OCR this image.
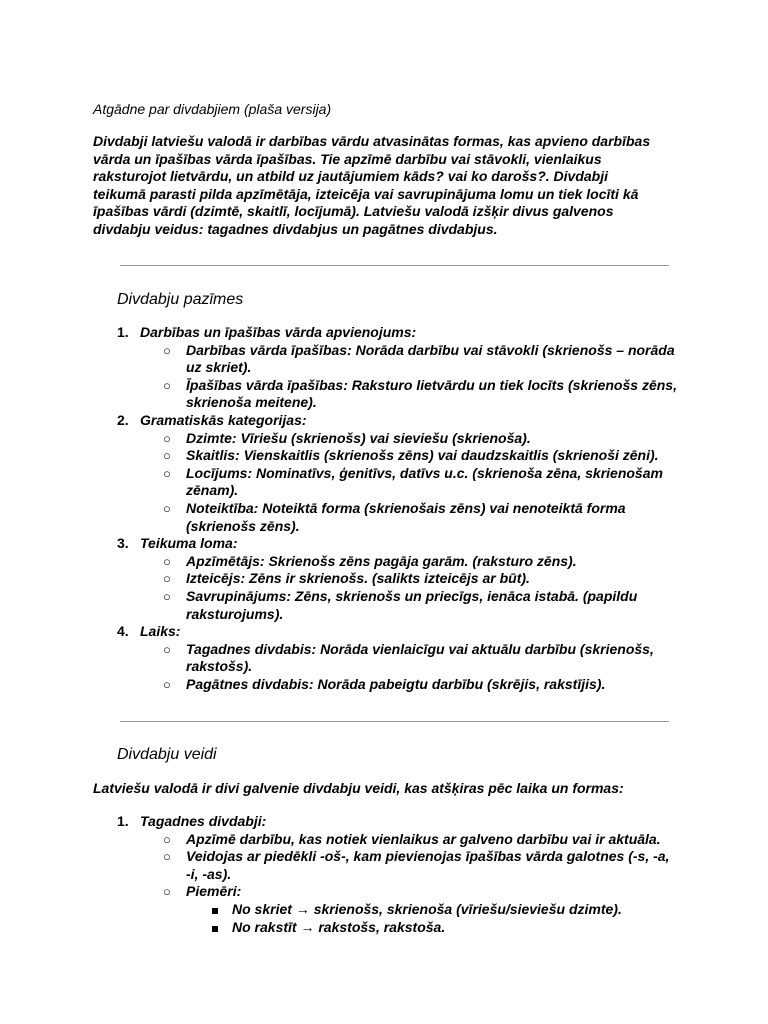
Atgādne par divdabjiem (plaša versija)
Divdabji latviešu valodā ir darbības vārdu atvasinātas formas, kas apvieno darbības vārda un īpašības vārda īpašības. Tie apzīmē darbību vai stāvokli, vienlaikus raksturojot lietvārdu, un atbild uz jautājumiem kāds? vai ko darošs?. Divdabji teikumā parasti pilda apzīmētāja, izteicēja vai savrupinājuma lomu un tiek locīti kā īpašības vārdi (dzimtē, skaitlī, locījumā). Latviešu valodā izšķir divus galvenos divdabju veidus: tagadnes divdabjus un pagātnes divdabjus.
Divdabju pazīmes
1. Darbības un īpašības vārda apvienojums:
○ Darbības vārda īpašības: Norāda darbību vai stāvokli (skrienošs – norāda uz skriet).
○ Īpašības vārda īpašības: Raksturo lietvārdu un tiek locīts (skrienošs zēns, skrienoša meitene).
2. Gramatiskās kategorijas:
○ Dzimte: Vīriešu (skrienošs) vai sieviešu (skrienoša).
○ Skaitlis: Vienskaitlis (skrienošs zēns) vai daudzskaitlis (skrienoši zēni).
○ Locījums: Nominatīvs, ģenitīvs, datīvs u.c. (skrienoša zēna, skrienošam zēnam).
○ Noteiktība: Noteiktā forma (skrienošais zēns) vai nenoteiktā forma (skrienošs zēns).
3. Teikuma loma:
○ Apzīmētājs: Skrienošs zēns pagāja garām. (raksturo zēns).
○ Izteicējs: Zēns ir skrienošs. (salikts izteicējs ar būt).
○ Savrupinājums: Zēns, skrienošs un priecīgs, ienāca istabā. (papildu raksturojums).
4. Laiks:
○ Tagadnes divdabis: Norāda vienlaicīgu vai aktuālu darbību (skrienošs, rakstošs).
○ Pagātnes divdabis: Norāda pabeigtu darbību (skrējis, rakstījis).
Divdabju veidi
Latviešu valodā ir divi galvenie divdabju veidi, kas atšķiras pēc laika un formas:
1. Tagadnes divdabji:
○ Apzīmē darbību, kas notiek vienlaikus ar galveno darbību vai ir aktuāla.
○ Veidojas ar piedēkli -oš-, kam pievienojas īpašības vārda galotnes (-s, -a, -i, -as).
○ Piemēri:
No skriet → skrienošs, skrienoša (vīriešu/sieviešu dzimte).
No rakstīt → rakstošs, rakstoša.
